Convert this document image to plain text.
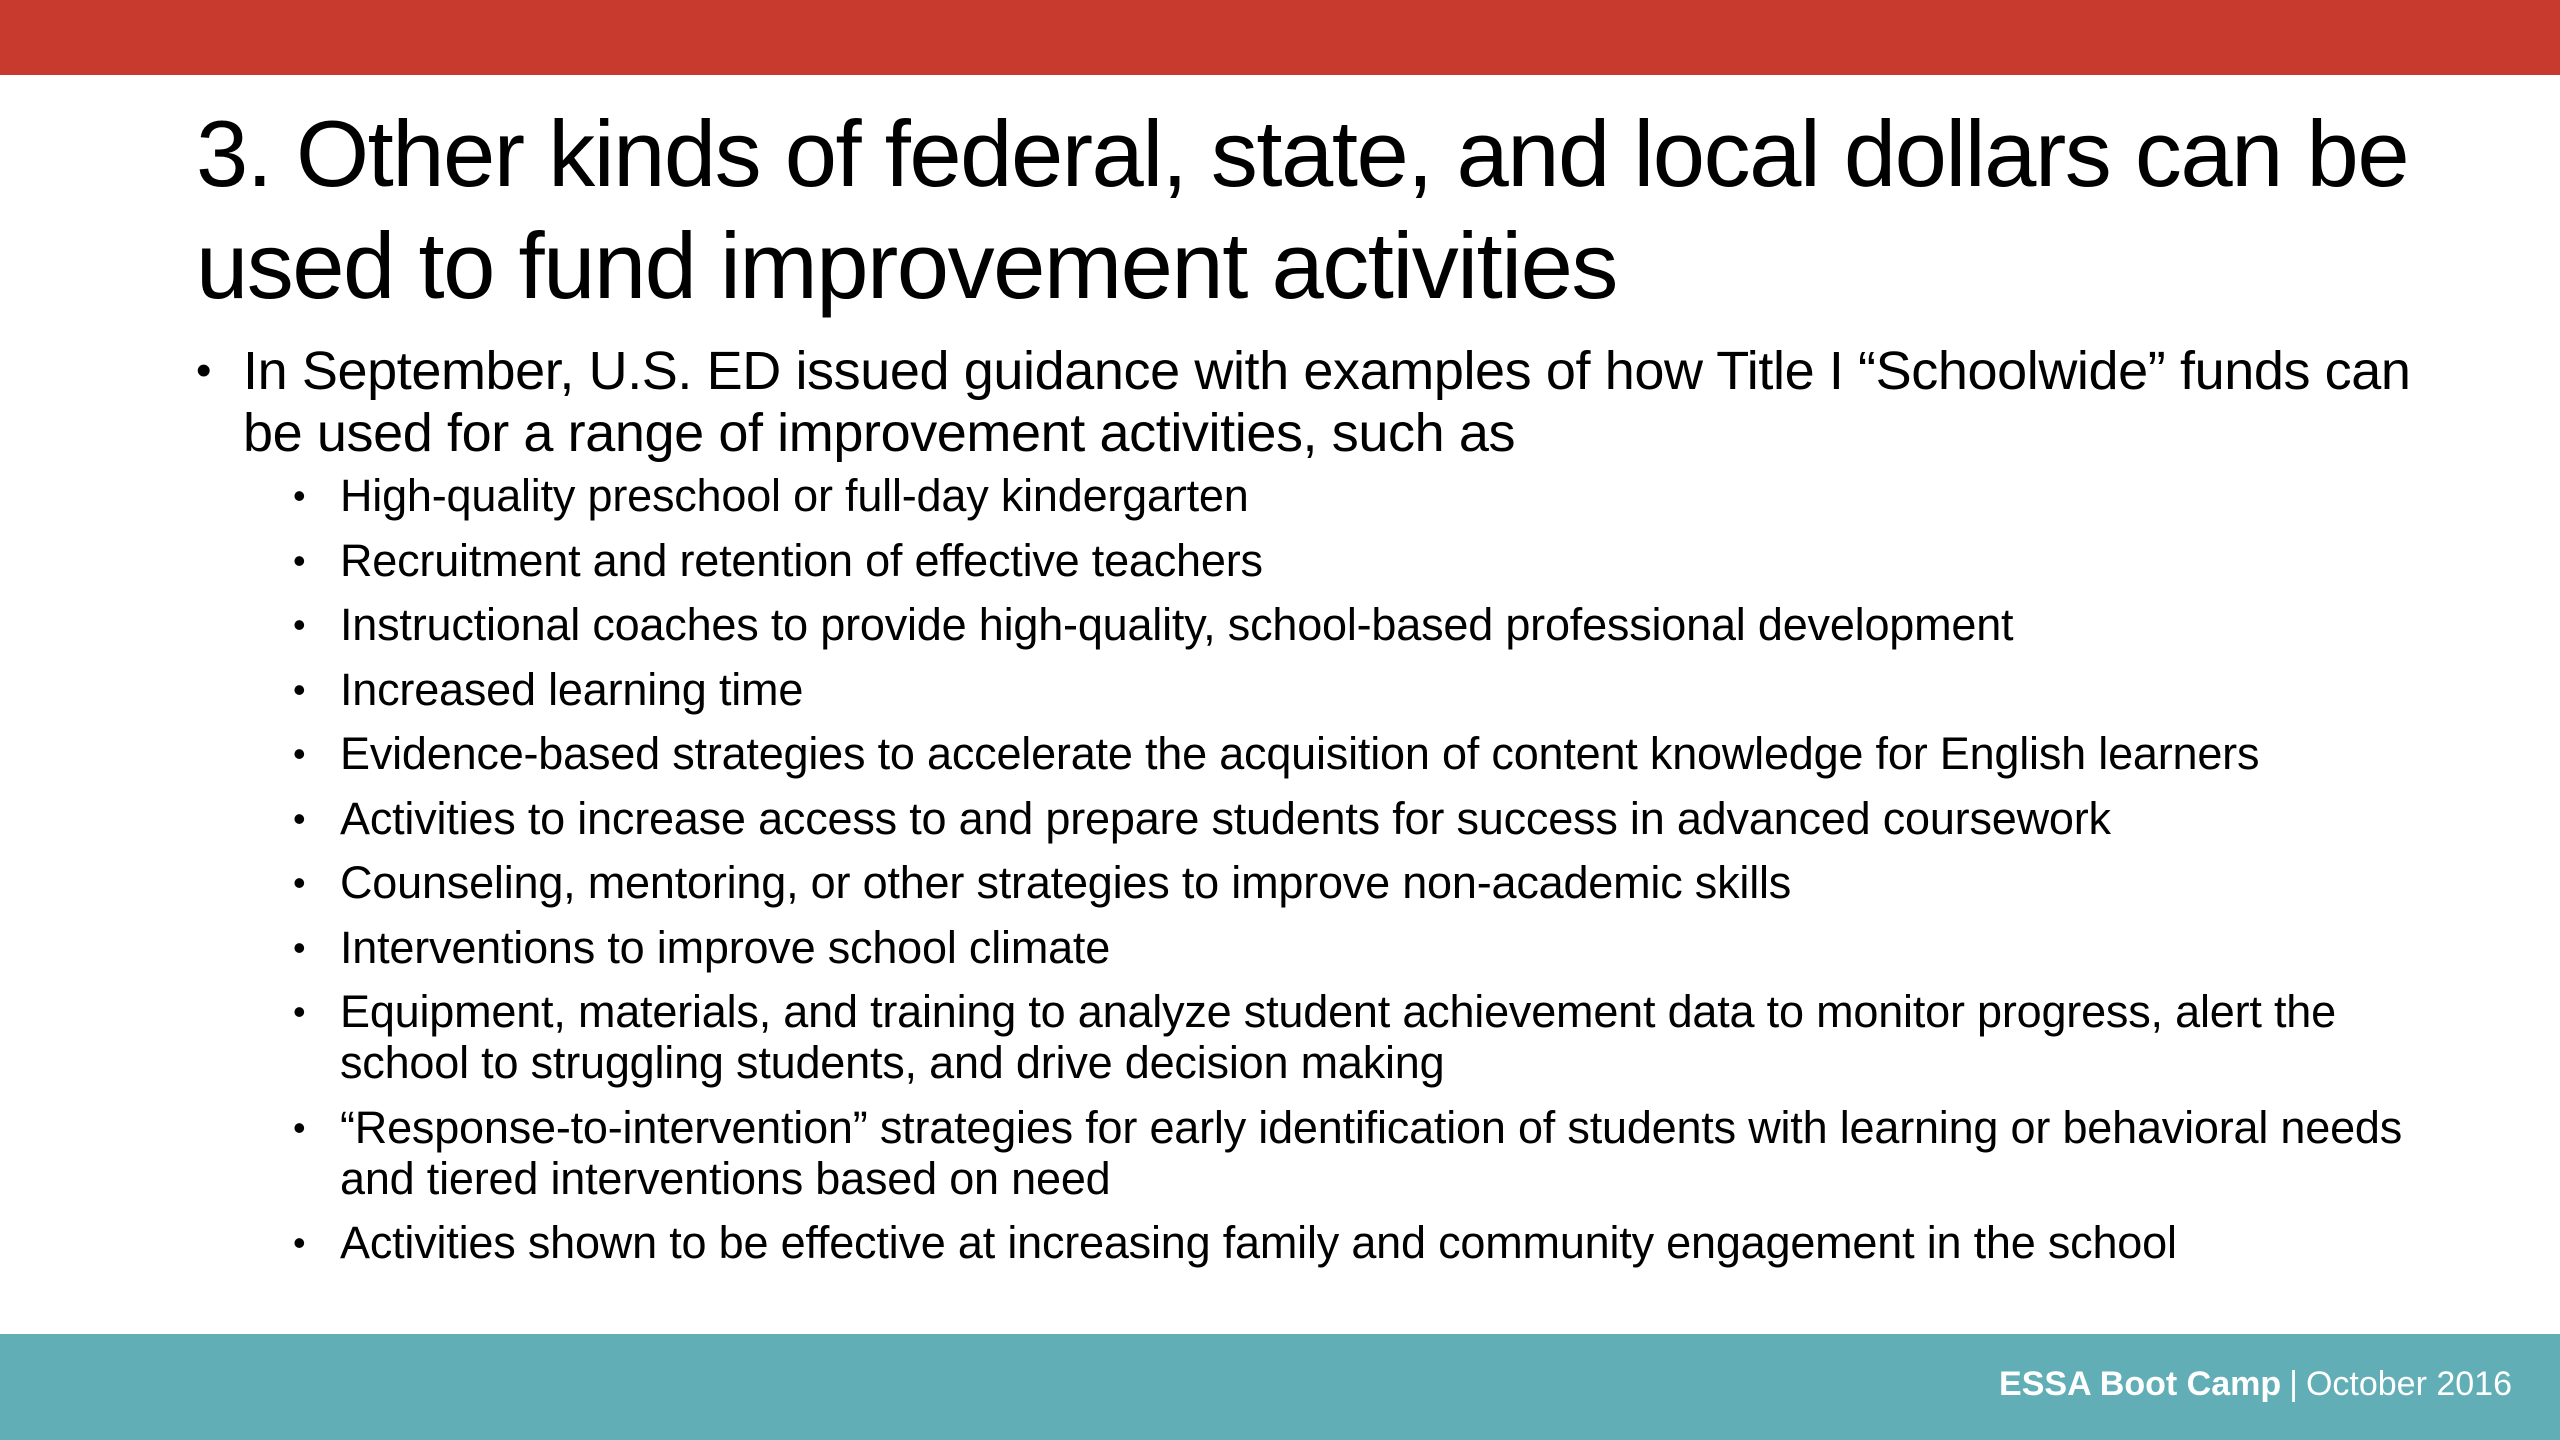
3. Other kinds of federal, state, and local dollars can be used to fund improvement activities
• In September, U.S. ED issued guidance with examples of how Title I “Schoolwide” funds can be used for a range of improvement activities, such as
• High-quality preschool or full-day kindergarten
• Recruitment and retention of effective teachers
• Instructional coaches to provide high-quality, school-based professional development
• Increased learning time
• Evidence-based strategies to accelerate the acquisition of content knowledge for English learners
• Activities to increase access to and prepare students for success in advanced coursework
• Counseling, mentoring, or other strategies to improve non-academic skills
• Interventions to improve school climate
• Equipment, materials, and training to analyze student achievement data to monitor progress, alert the school to struggling students, and drive decision making
• “Response-to-intervention” strategies for early identification of students with learning or behavioral needs and tiered interventions based on need
• Activities shown to be effective at increasing family and community engagement in the school
ESSA Boot Camp | October 2016
